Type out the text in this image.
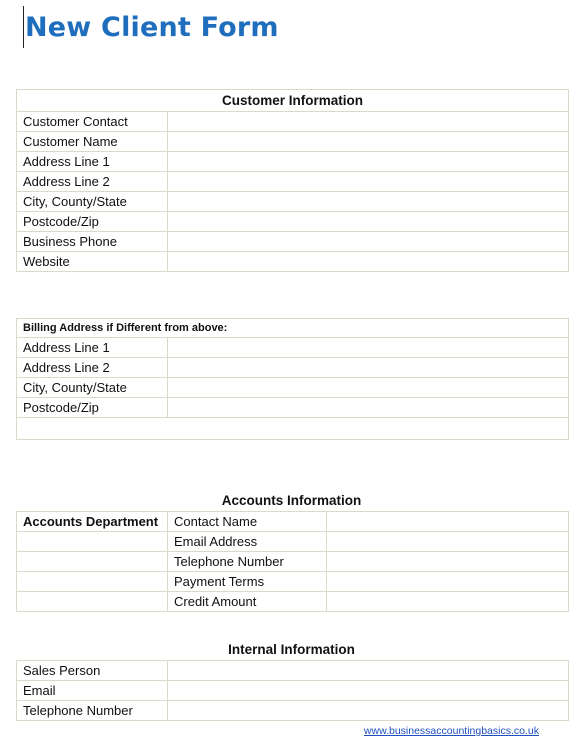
New Client Form
Customer Information	
Customer Contact	
Customer Name	
Address Line 1	
Address Line 2	
City, County/State	
Postcode/Zip	
Business Phone	
Website	
Billing Address if Different from above:	
Address Line 1	
Address Line 2	
City, County/State	
Postcode/Zip	

Accounts Information
Accounts Department	Contact Name	
	Email Address	
	Telephone Number	
	Payment Terms	
	Credit Amount	
Internal Information
Sales Person	
Email	
Telephone Number	
www.businessaccountingbasics.co.uk
